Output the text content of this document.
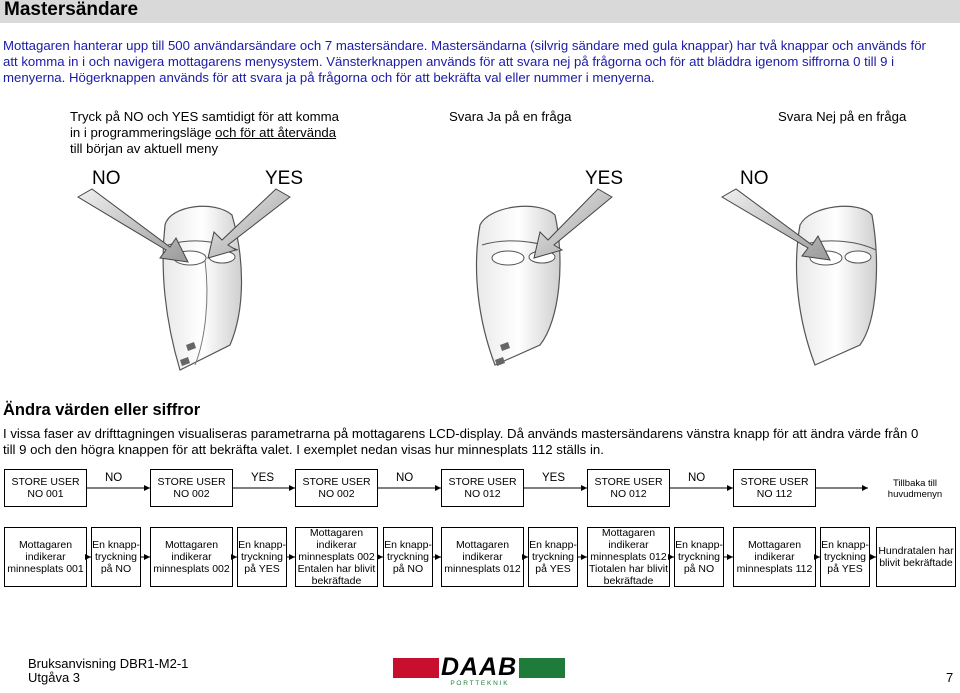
Mastersändare
Mottagaren hanterar upp till 500 användarsändare och 7 mastersändare. Mastersändarna (silvrig sändare med gula knappar) har två knappar och används för
att komma in i och navigera mottagarens menysystem. Vänsterknappen används för att svara nej på frågorna och för att bläddra igenom siffrorna 0 till 9 i
menyerna. Högerknappen används för att svara ja på frågorna och för att bekräfta val eller nummer i menyerna.
Tryck på NO och YES samtidigt för att komma
in i programmeringsläge och för att återvända
till början av aktuell meny
Svara Ja på en fråga	Svara Nej på en fråga
NO	YES	YES	NO
Ändra värden eller siffror
I vissa faser av drifttagningen visualiseras parametrarna på mottagarens LCD-display. Då används mastersändarens vänstra knapp för att ändra värde från 0
till 9 och den högra knappen för att bekräfta valet. I exemplet nedan visas hur minnesplats 112 ställs in.
STORE USER
NO 001
NO	STORE USER
NO 002
YES	STORE USER
NO 002
NO	STORE USER
NO 012
YES	STORE USER
NO 012
NO	STORE USER
NO 112
Tillbaka till
huvudmenyn
Mottagaren
indikerar
minnesplats 001
En knapp-
tryckning
på NO
Mottagaren
indikerar
minnesplats 002
En knapp-
tryckning
på YES
Mottagaren
indikerar
minnesplats 002
Entalen har blivit
bekräftade
En knapp-
tryckning
på NO
Mottagaren
indikerar
minnesplats 012
En knapp-
tryckning
på YES
Mottagaren
indikerar
minnesplats 012
Tiotalen har blivit
bekräftade
En knapp-
tryckning
på NO
Mottagaren
indikerar
minnesplats 112
En knapp-
tryckning
på YES
Hundratalen har
blivit bekräftade
Bruksanvisning DBR1-M2-1
Utgåva 3	7
DAAB
P O R T T E K N I K
